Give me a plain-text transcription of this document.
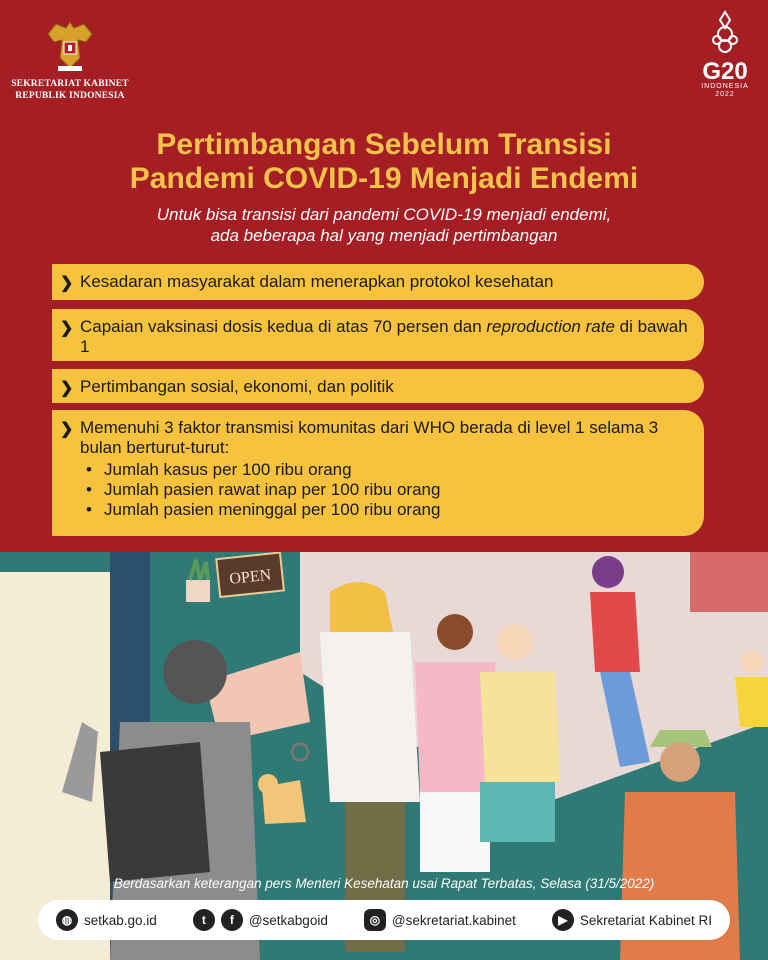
SEKRETARIAT KABINET
REPUBLIK INDONESIA
G20
INDONESIA
2022
Pertimbangan Sebelum Transisi
Pandemi COVID-19 Menjadi Endemi
Untuk bisa transisi dari pandemi COVID-19 menjadi endemi,
ada beberapa hal yang menjadi pertimbangan
❯ Kesadaran masyarakat dalam menerapkan protokol kesehatan
❯ Capaian vaksinasi dosis kedua di atas 70 persen dan reproduction rate di bawah 1
❯ Pertimbangan sosial, ekonomi, dan politik
❯ Memenuhi 3 faktor transmisi komunitas dari WHO berada di level 1 selama 3 bulan berturut-turut:
• Jumlah kasus per 100 ribu orang
• Jumlah pasien rawat inap per 100 ribu orang
• Jumlah pasien meninggal per 100 ribu orang
OPEN
Berdasarkan keterangan pers Menteri Kesehatan usai Rapat Terbatas, Selasa (31/5/2022)
◍ setkab.go.id	t	f	@setkabgoid	◎ @sekretariat.kabinet	▶ Sekretariat Kabinet RI
